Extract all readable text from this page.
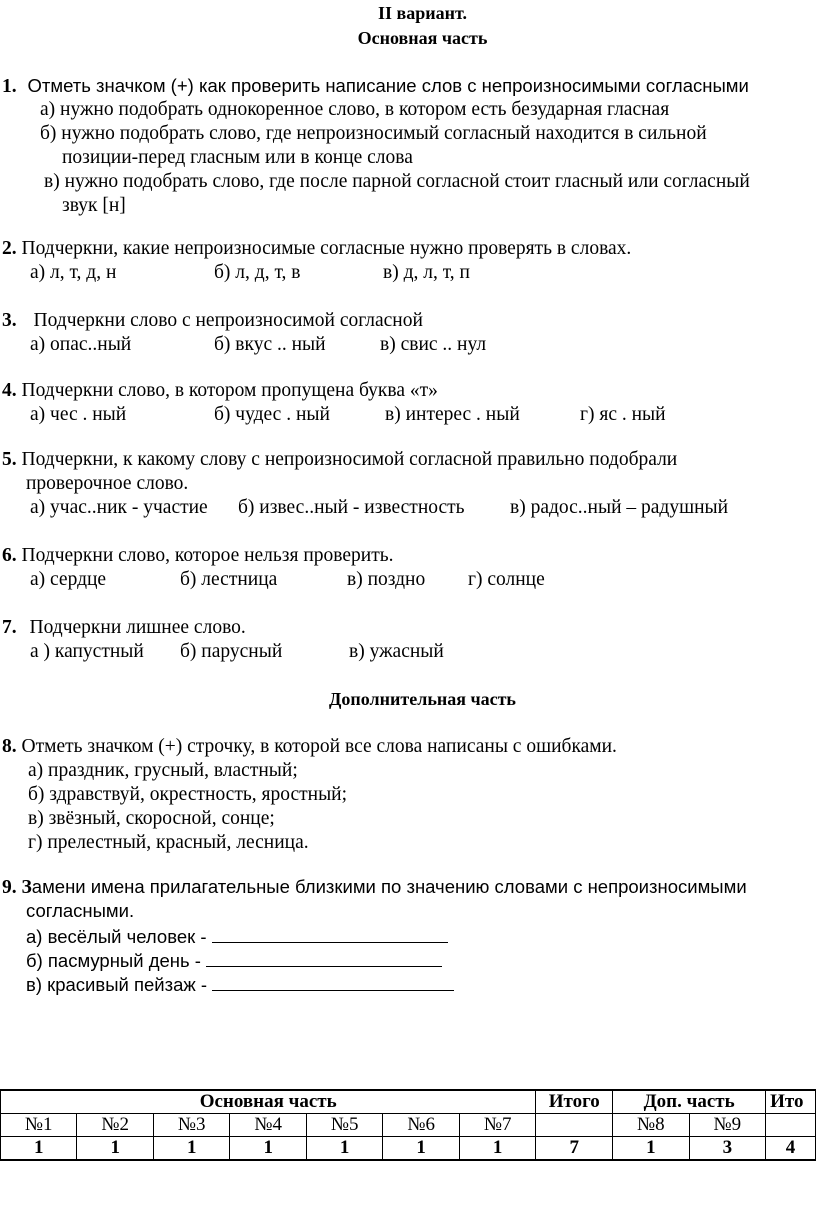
II вариант.
Основная часть
1. Отметь значком (+) как проверить написание слов с непроизносимыми согласными
а) нужно подобрать однокоренное слово, в котором есть безударная гласная
б) нужно подобрать слово, где непроизносимый согласный находится в сильной
позиции-перед гласным или в конце слова
в) нужно подобрать слово, где после парной согласной стоит гласный или согласный
звук [н]
2. Подчеркни, какие непроизносимые согласные нужно проверять в словах.
а) л, т, д, н	б) л, д, т, в	в) д, л, т, п
3. Подчеркни слово с непроизносимой согласной
а) опас..ный	б) вкус .. ный	в) свис .. нул
4. Подчеркни слово, в котором пропущена буква «т»
а) чес . ный	б) чудес . ный	в) интерес . ный	г) яс . ный
5. Подчеркни, к какому слову с непроизносимой согласной правильно подобрали
проверочное слово.
а) учас..ник - участие б) извес..ный - известность в) радос..ный – радушный
6. Подчеркни слово, которое нельзя проверить.
а) сердце	б) лестница	в) поздно г) солнце
7. Подчеркни лишнее слово.
а ) капустный б) парусный	в) ужасный
Дополнительная часть
8. Отметь значком (+) строчку, в которой все слова написаны с ошибками.
а) праздник, грусный, властный;
б) здравствуй, окрестность, яростный;
в) звёзный, скоросной, сонце;
г) прелестный, красный, лесница.
9. Замени имена прилагательные близкими по значению словами с непроизносимыми
согласными.
а) весёлый человек -
б) пасмурный день -
в) красивый пейзаж -
Основная часть							Итого	Доп. часть		Ито
№1	№2	№3	№4	№5	№6	№7		№8	№9	
1	1	1	1	1	1	1	7	1	3	4
